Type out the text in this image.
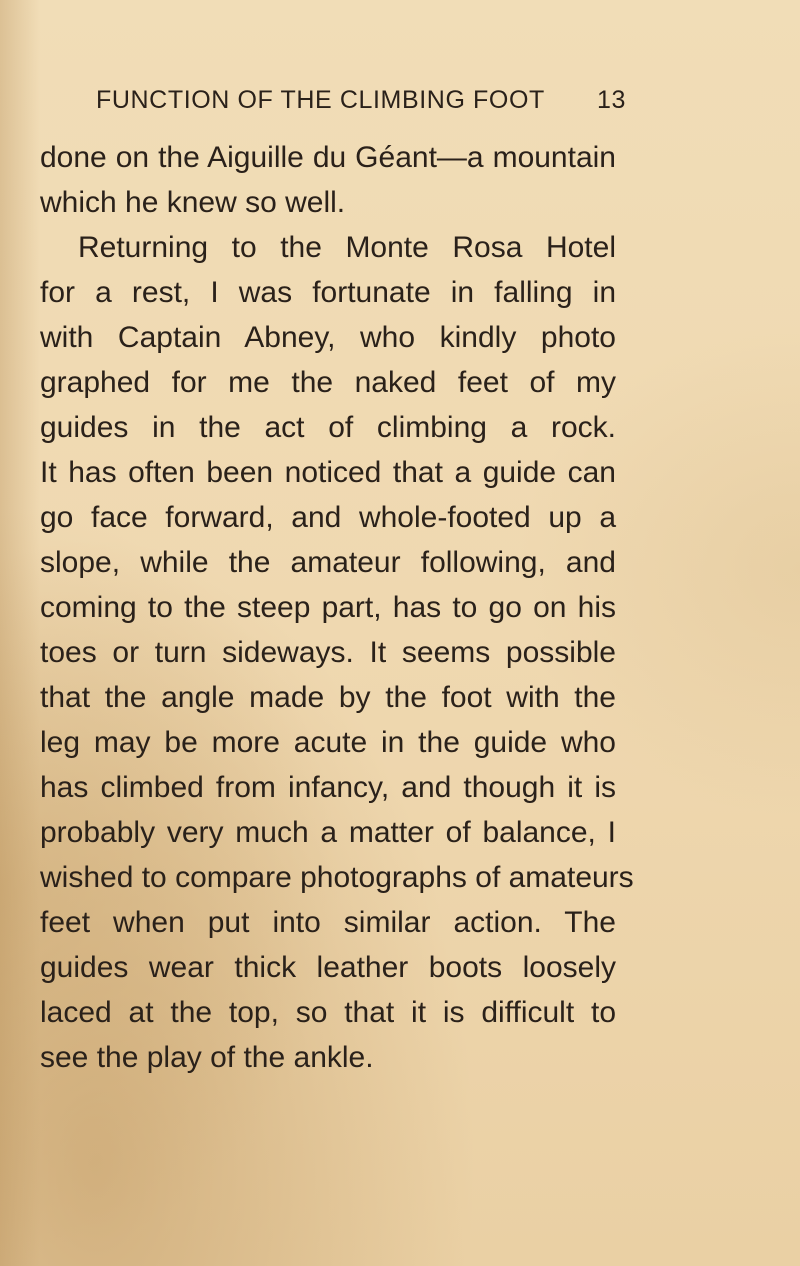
FUNCTION OF THE CLIMBING FOOT 13
done on the Aiguille du Géant—a mountain
which he knew so well.
Returning to the Monte Rosa Hotel
for a rest, I was fortunate in falling in
with Captain Abney, who kindly photo
graphed for me the naked feet of my
guides in the act of climbing a rock.
It has often been noticed that a guide can
go face forward, and whole-footed up a
slope, while the amateur following, and
coming to the steep part, has to go on his
toes or turn sideways. It seems possible
that the angle made by the foot with the
leg may be more acute in the guide who
has climbed from infancy, and though it is
probably very much a matter of balance, I
wished to compare photographs of amateurs
feet when put into similar action. The
guides wear thick leather boots loosely
laced at the top, so that it is difficult to
see the play of the ankle.
